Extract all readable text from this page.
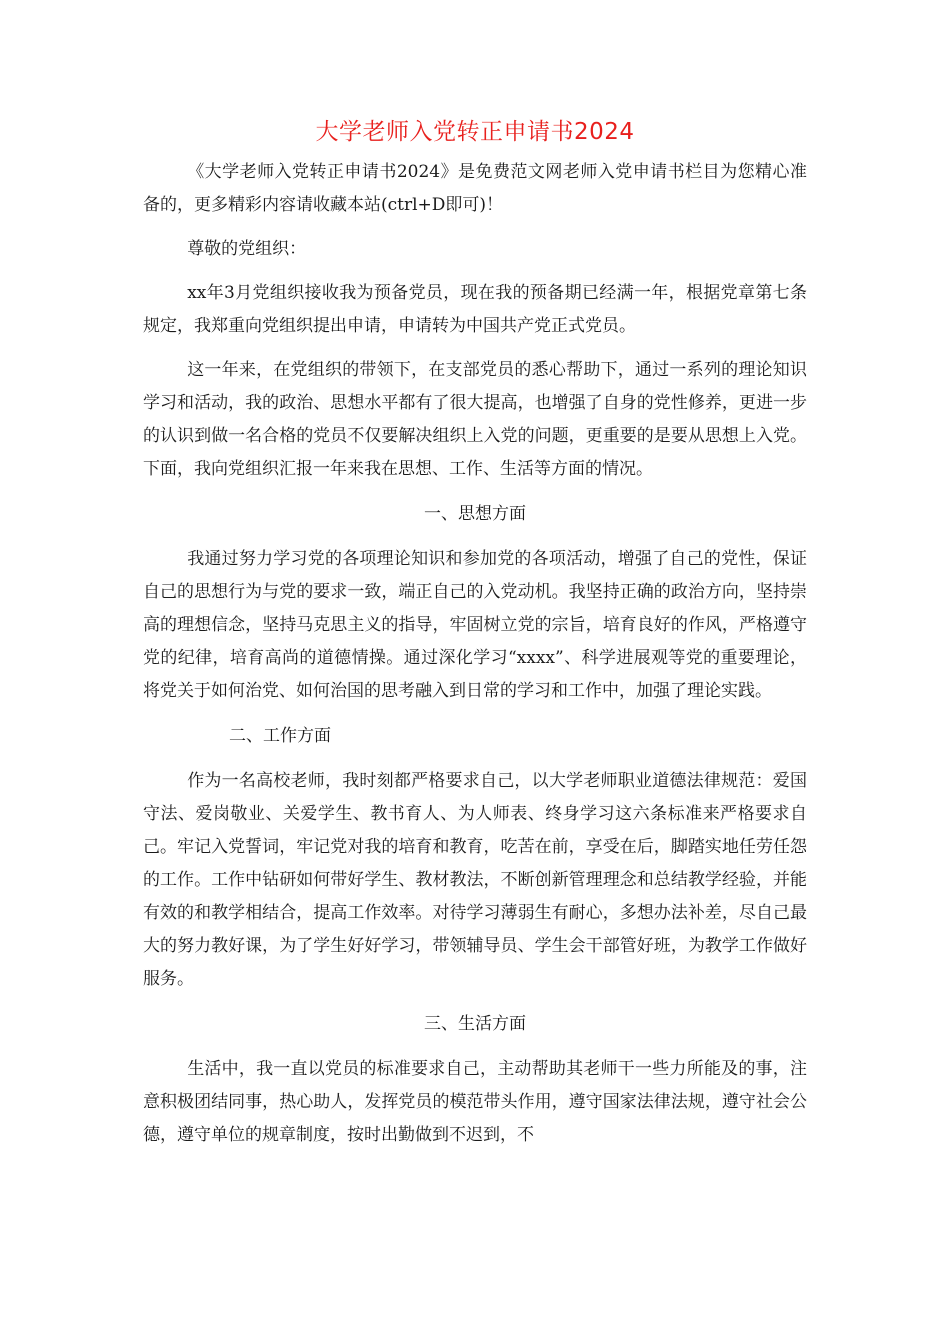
大学老师入党转正申请书2024

《大学老师入党转正申请书2024》是免费范文网老师入党申请书栏目为您精心准备的，更多精彩内容请收藏本站(ctrl+D即可)！

尊敬的党组织：

xx年3月党组织接收我为预备党员，现在我的预备期已经满一年，根据党章第七条规定，我郑重向党组织提出申请，申请转为中国共产党正式党员。

这一年来，在党组织的带领下，在支部党员的悉心帮助下，通过一系列的理论知识学习和活动，我的政治、思想水平都有了很大提高，也增强了自身的党性修养，更进一步的认识到做一名合格的党员不仅要解决组织上入党的问题，更重要的是要从思想上入党。下面，我向党组织汇报一年来我在思想、工作、生活等方面的情况。

一、思想方面

我通过努力学习党的各项理论知识和参加党的各项活动，增强了自己的党性，保证自己的思想行为与党的要求一致，端正自己的入党动机。我坚持正确的政治方向，坚持崇高的理想信念，坚持马克思主义的指导，牢固树立党的宗旨，培育良好的作风，严格遵守党的纪律，培育高尚的道德情操。通过深化学习“xxxx”、科学进展观等党的重要理论，将党关于如何治党、如何治国的思考融入到日常的学习和工作中，加强了理论实践。

二、工作方面

作为一名高校老师，我时刻都严格要求自己，以大学老师职业道德法律规范：爱国守法、爱岗敬业、关爱学生、教书育人、为人师表、终身学习这六条标准来严格要求自己。牢记入党誓词，牢记党对我的培育和教育，吃苦在前，享受在后，脚踏实地任劳任怨的工作。工作中钻研如何带好学生、教材教法，不断创新管理理念和总结教学经验，并能有效的和教学相结合，提高工作效率。对待学习薄弱生有耐心，多想办法补差，尽自己最大的努力教好课，为了学生好好学习，带领辅导员、学生会干部管好班，为教学工作做好服务。

三、生活方面

生活中，我一直以党员的标准要求自己，主动帮助其老师干一些力所能及的事，注意积极团结同事，热心助人，发挥党员的模范带头作用，遵守国家法律法规，遵守社会公德，遵守单位的规章制度，按时出勤做到不迟到，不
